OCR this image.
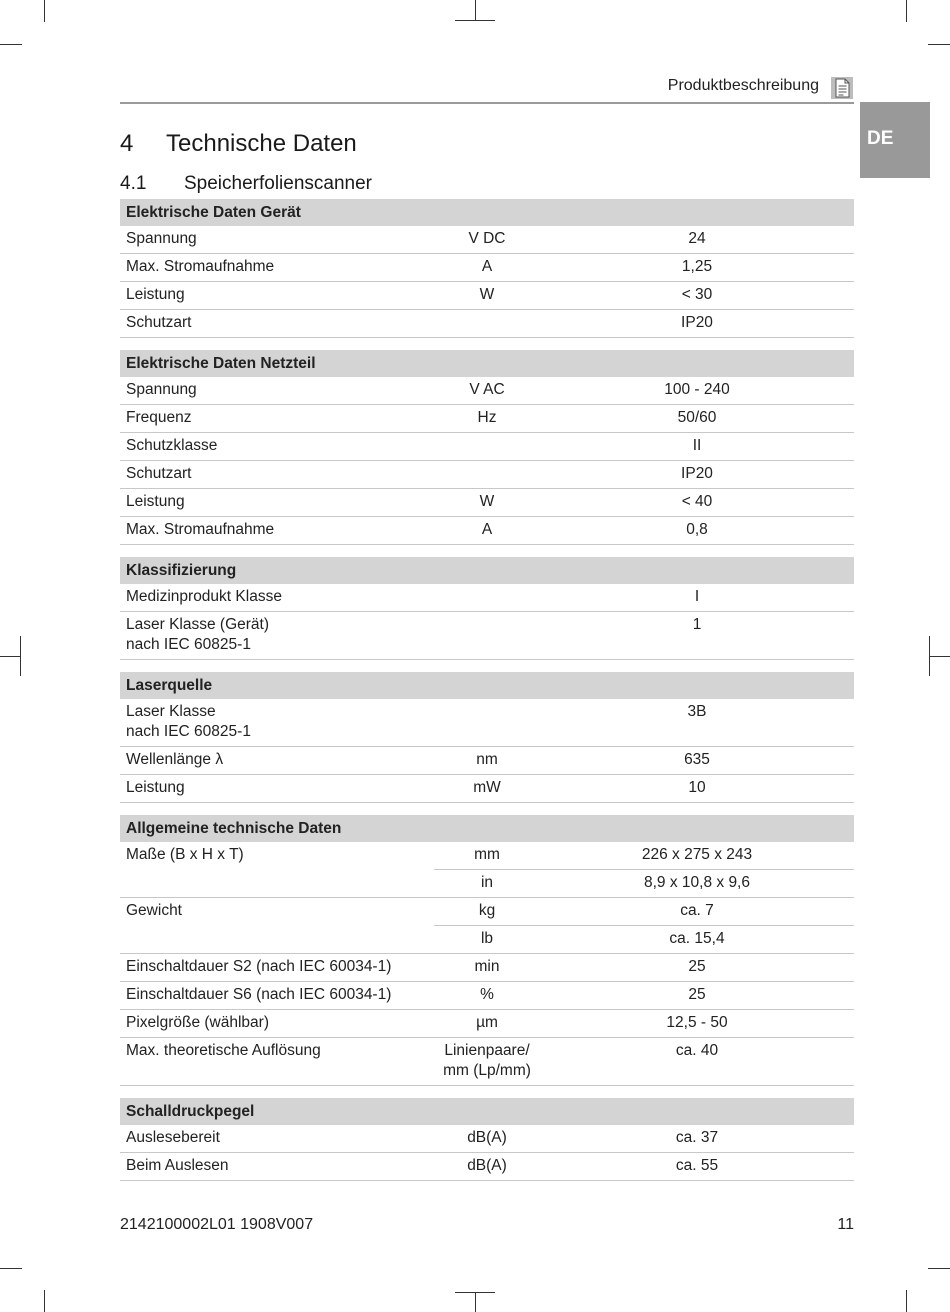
Produktbeschreibung
DE
4 Technische Daten
4.1 Speicherfolienscanner
Elektrische Daten Gerät		

Spannung	V DC	24

Max. Stromaufnahme	A	1,25

Leistung	W	< 30

Schutzart		IP20

Elektrische Daten Netzteil		

Spannung	V AC	100 - 240

Frequenz	Hz	50/60

Schutzklasse		II

Schutzart		IP20

Leistung	W	< 40

Max. Stromaufnahme	A	0,8

Klassifizierung		

Medizinprodukt Klasse		I

Laser Klasse (Gerät)
nach IEC 60825-1		1

Laserquelle		

Laser Klasse
nach IEC 60825-1		3B

Wellenlänge λ	nm	635

Leistung	mW	10

Allgemeine technische Daten		

Maße (B x H x T)	mm	226 x 275 x 243

	in	8,9 x 10,8 x 9,6

Gewicht	kg	ca. 7

	lb	ca. 15,4

Einschaltdauer S2 (nach IEC 60034-1)	min	25

Einschaltdauer S6 (nach IEC 60034-1)	%	25

Pixelgröße (wählbar)	µm	12,5 - 50

Max. theoretische Auflösung	Linienpaare/
mm (Lp/mm)	ca. 40

Schalldruckpegel		

Auslesebereit	dB(A)	ca. 37

Beim Auslesen	dB(A)	ca. 55
2142100002L01 1908V007	11
